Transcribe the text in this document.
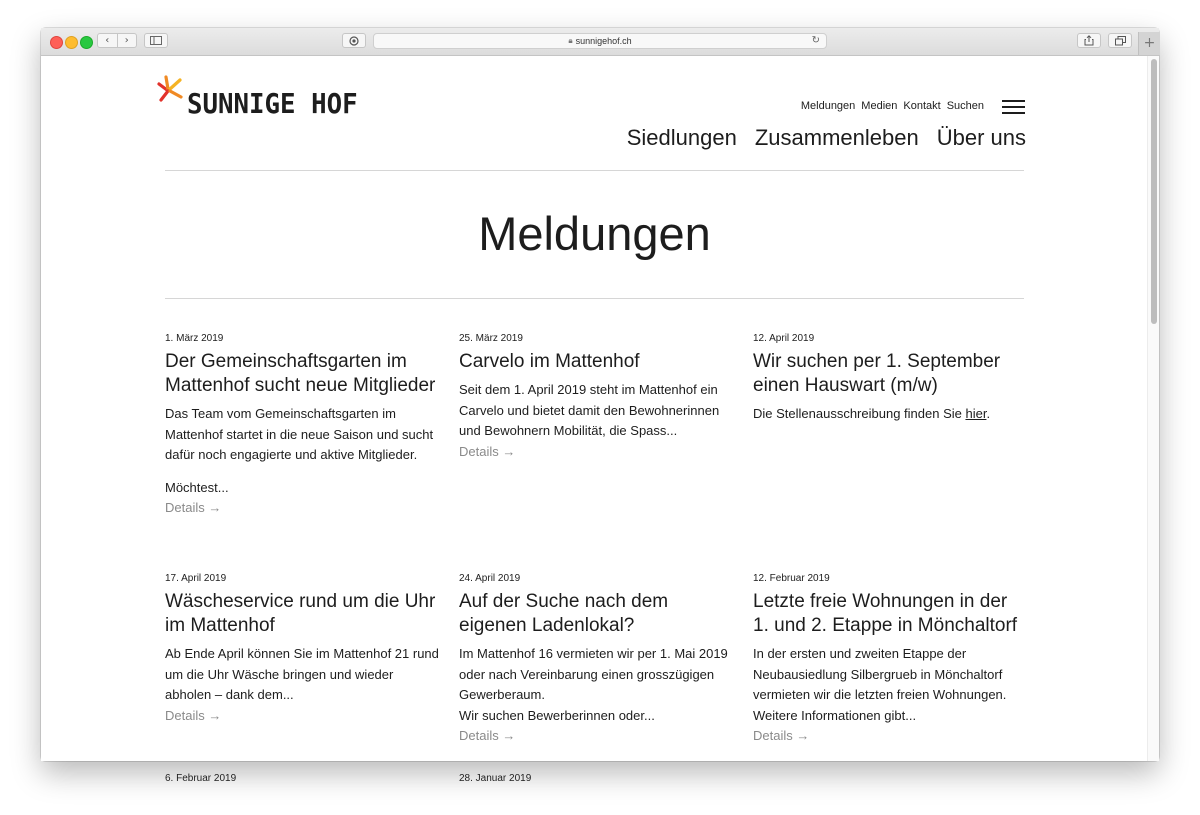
‹	›	🔒︎ sunnigehof.ch	↻	+
SUNNIGE HOF	Meldungen Medien Kontakt Suchen
Siedlungen Zusammenleben Über uns
Meldungen
1. März 2019
Der Gemeinschaftsgarten im Mattenhof sucht neue Mitglieder

Das Team vom Gemeinschaftsgarten im Mattenhof startet in die neue Saison und sucht dafür noch engagierte und aktive Mitglieder.

Möchtest...

Details →
25. März 2019
Carvelo im Mattenhof

Seit dem 1. April 2019 steht im Mattenhof ein Carvelo und bietet damit den Bewohnerinnen und Bewohnern Mobilität, die Spass...

Details →
12. April 2019
Wir suchen per 1. September einen Hauswart (m/w)

Die Stellenausschreibung finden Sie hier.

17. April 2019
Wäscheservice rund um die Uhr im Mattenhof

Ab Ende April können Sie im Mattenhof 21 rund um die Uhr Wäsche bringen und wieder abholen – dank dem...

Details →
24. April 2019
Auf der Suche nach dem eigenen Ladenlokal?

Im Mattenhof 16 vermieten wir per 1. Mai 2019 oder nach Vereinbarung einen grosszügigen Gewerberaum.

Wir suchen Bewerberinnen oder...

Details →
12. Februar 2019
Letzte freie Wohnungen in der 1. und 2. Etappe in Mönchaltorf

In der ersten und zweiten Etappe der Neubausiedlung Silbergrueb in Mönchaltorf vermieten wir die letzten freien Wohnungen. Weitere Informationen gibt...

Details →
6. Februar 2019	28. Januar 2019
